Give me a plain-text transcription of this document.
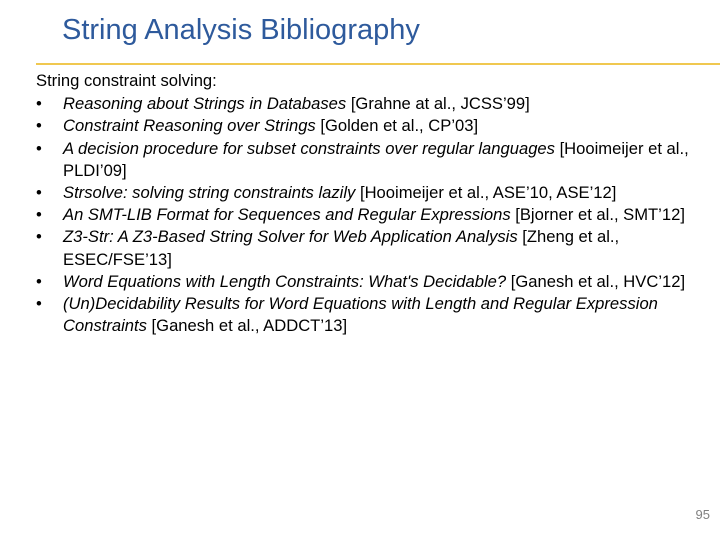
String Analysis Bibliography
String constraint solving:
• Reasoning about Strings in Databases [Grahne at al., JCSS’99]
• Constraint Reasoning over Strings [Golden et al., CP’03]
• A decision procedure for subset constraints over regular languages [Hooimeijer et al., PLDI’09]
• Strsolve: solving string constraints lazily [Hooimeijer et al., ASE’10, ASE’12]
• An SMT-LIB Format for Sequences and Regular Expressions [Bjorner et al., SMT’12]
• Z3-Str: A Z3-Based String Solver for Web Application Analysis [Zheng et al., ESEC/FSE’13]
• Word Equations with Length Constraints: What's Decidable? [Ganesh et al., HVC’12]
• (Un)Decidability Results for Word Equations with Length and Regular Expression Constraints [Ganesh et al., ADDCT’13]
95
